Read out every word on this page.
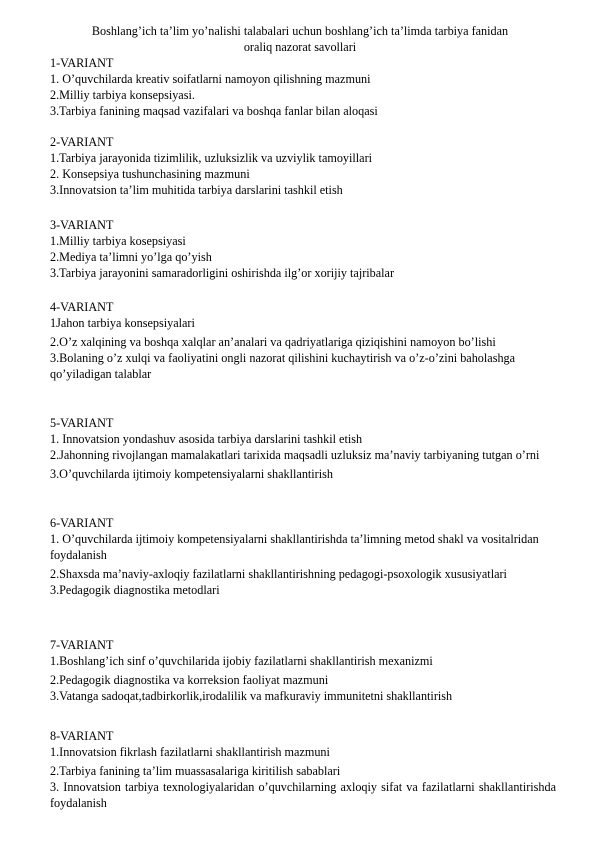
Boshlang’ich ta’lim yo’nalishi talabalari uchun boshlang’ich ta’limda tarbiya fanidan
oraliq nazorat savollari
1-VARIANT
1. O’quvchilarda kreativ soifatlarni namoyon qilishning mazmuni
2.Milliy tarbiya konsepsiyasi.
3.Tarbiya fanining maqsad vazifalari va boshqa fanlar bilan aloqasi
2-VARIANT
1.Tarbiya jarayonida tizimlilik, uzluksizlik va uzviylik tamoyillari
2. Konsepsiya tushunchasining mazmuni
3.Innovatsion ta’lim muhitida tarbiya darslarini tashkil etish
3-VARIANT
1.Milliy tarbiya kosepsiyasi
2.Mediya ta’limni yo’lga qo’yish
3.Tarbiya jarayonini samaradorligini oshirishda ilg’or xorijiy tajribalar
4-VARIANT
1Jahon tarbiya konsepsiyalari
2.O’z xalqining va boshqa xalqlar an’analari va qadriyatlariga qiziqishini namoyon bo’lishi
3.Bolaning o’z xulqi va faoliyatini ongli nazorat qilishini kuchaytirish va o’z-o’zini baholashga qo’yiladigan talablar
5-VARIANT
1. Innovatsion yondashuv asosida tarbiya darslarini tashkil etish
2.Jahonning rivojlangan mamalakatlari tarixida maqsadli uzluksiz ma’naviy tarbiyaning tutgan o’rni
3.O’quvchilarda ijtimoiy kompetensiyalarni shakllantirish
6-VARIANT
1. O’quvchilarda ijtimoiy kompetensiyalarni shakllantirishda ta’limning metod shakl va vositalridan foydalanish
2.Shaxsda ma’naviy-axloqiy fazilatlarni shakllantirishning pedagogi-psoxologik xususiyatlari
3.Pedagogik diagnostika metodlari
7-VARIANT
1.Boshlang’ich sinf o’quvchilarida ijobiy fazilatlarni shakllantirish mexanizmi
2.Pedagogik diagnostika va korreksion faoliyat mazmuni
3.Vatanga sadoqat,tadbirkorlik,irodalilik va mafkuraviy immunitetni shakllantirish
8-VARIANT
1.Innovatsion fikrlash fazilatlarni shakllantirish mazmuni
2.Tarbiya fanining ta’lim muassasalariga kiritilish sabablari
3. Innovatsion tarbiya texnologiyalaridan o’quvchilarning axloqiy sifat va fazilatlarni shakllantirishda foydalanish
